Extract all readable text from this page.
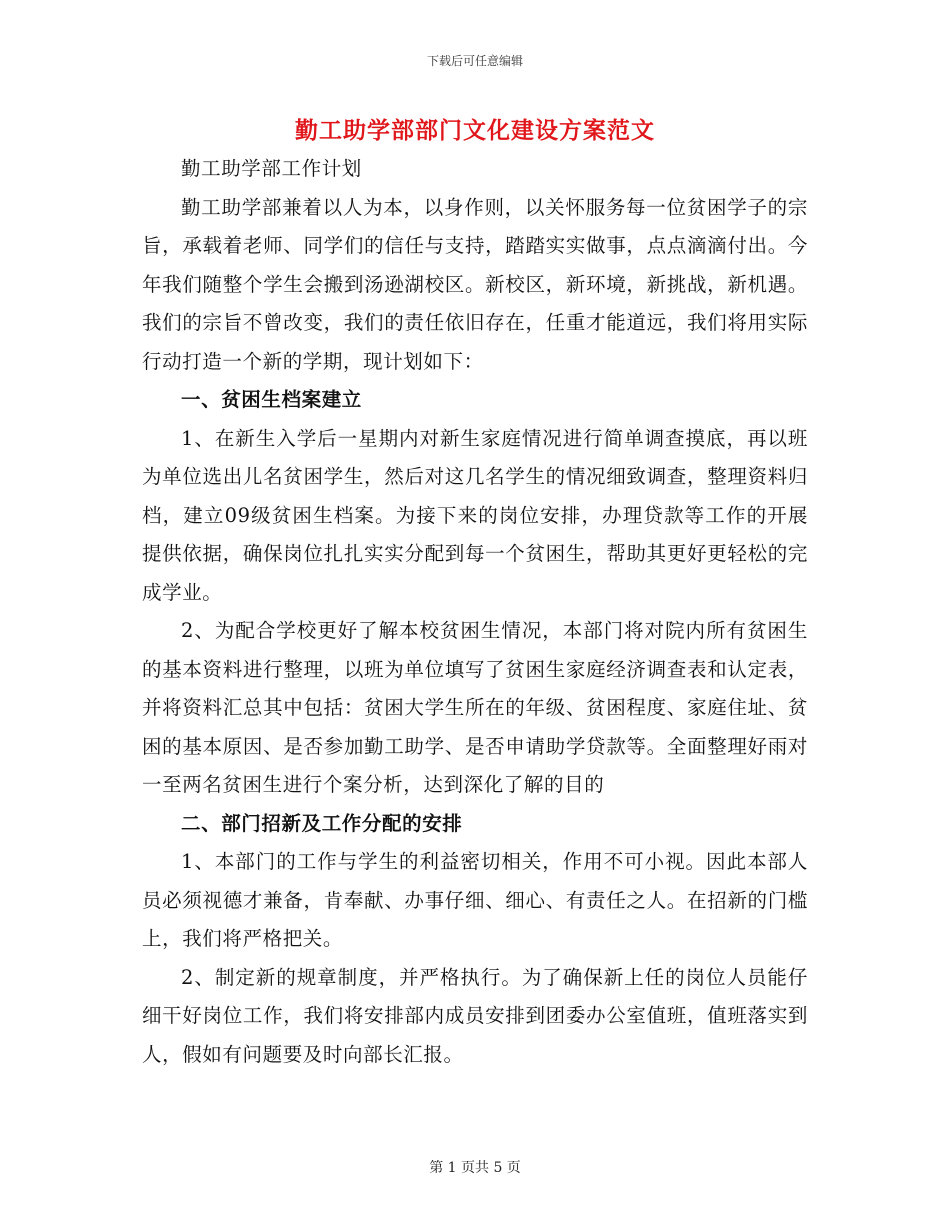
下载后可任意编辑
勤工助学部部门文化建设方案范文

勤工助学部工作计划

勤工助学部兼着以人为本，以身作则，以关怀服务每一位贫困学子的宗旨，承载着老师、同学们的信任与支持，踏踏实实做事，点点滴滴付出。今年我们随整个学生会搬到汤逊湖校区。新校区，新环境，新挑战，新机遇。我们的宗旨不曾改变，我们的责任依旧存在，任重才能道远，我们将用实际行动打造一个新的学期，现计划如下：

一、贫困生档案建立

1、在新生入学后一星期内对新生家庭情况进行简单调查摸底，再以班为单位选出儿名贫困学生，然后对这几名学生的情况细致调查，整理资料归档，建立09级贫困生档案。为接下来的岗位安排，办理贷款等工作的开展提供依据，确保岗位扎扎实实分配到每一个贫困生，帮助其更好更轻松的完成学业。

2、为配合学校更好了解本校贫困生情况，本部门将对院内所有贫困生的基本资料进行整理，以班为单位填写了贫困生家庭经济调查表和认定表，并将资料汇总其中包括：贫困大学生所在的年级、贫困程度、家庭住址、贫困的基本原因、是否参加勤工助学、是否申请助学贷款等。全面整理好雨对一至两名贫困生进行个案分析，达到深化了解的目的

二、部门招新及工作分配的安排

1、本部门的工作与学生的利益密切相关，作用不可小视。因此本部人员必须视德才兼备，肯奉献、办事仔细、细心、有责任之人。在招新的门槛上，我们将严格把关。

2、制定新的规章制度，并严格执行。为了确保新上任的岗位人员能仔细干好岗位工作，我们将安排部内成员安排到团委办公室值班，值班落实到人，假如有问题要及时向部长汇报。

第 1 页共 5 页
